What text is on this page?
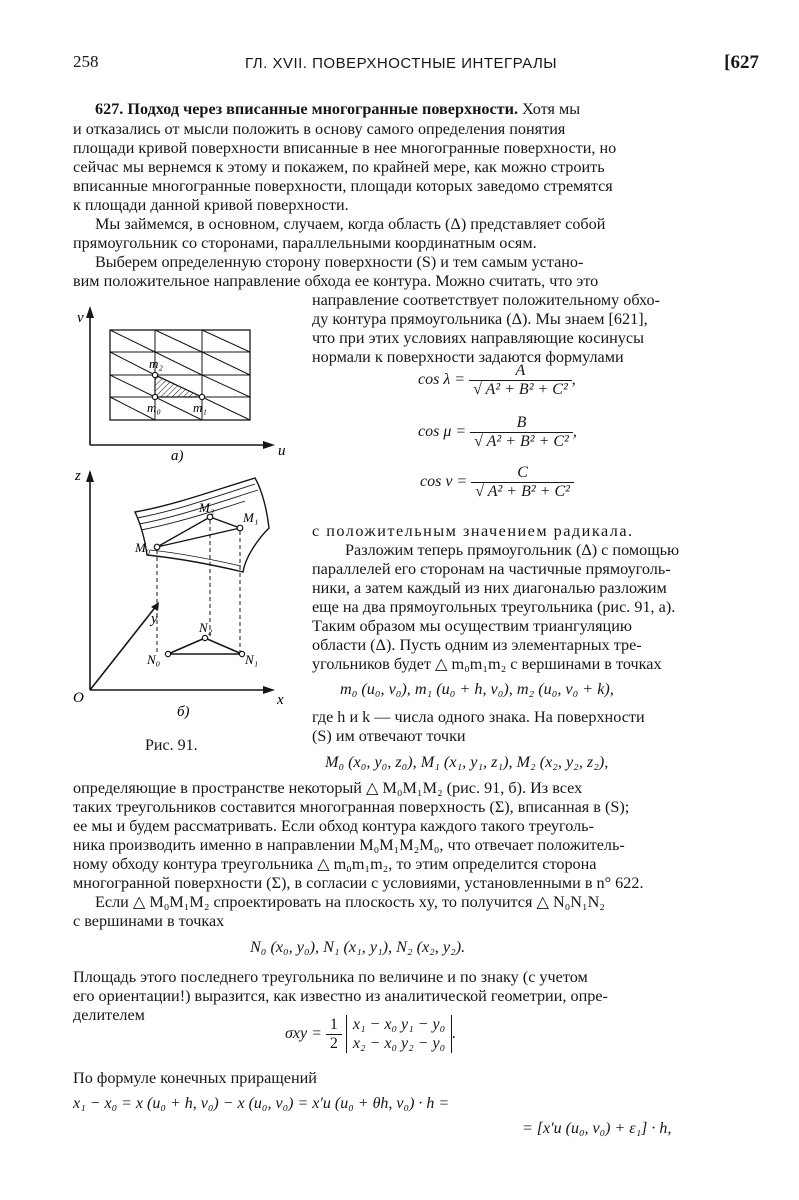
258	ГЛ. XVII. ПОВЕРХНОСТНЫЕ ИНТЕГРАЛЫ	[627
627. Подход через вписанные многогранные поверхности. Хотя мы
и отказались от мысли положить в основу самого определения понятия
площади кривой поверхности вписанные в нее многогранные поверхности, но
сейчас мы вернемся к этому и покажем, по крайней мере, как можно строить
вписанные многогранные поверхности, площади которых заведомо стремятся
к площади данной кривой поверхности.
Мы займемся, в основном, случаем, когда область (Δ) представляет собой
прямоугольник со сторонами, параллельными координатным осям.
Выберем определенную сторону поверхности (S) и тем самым устано-
вим положительное направление обхода ее контура. Можно считать, что это
направление соответствует положительному обхо-
ду контура прямоугольника (Δ). Мы знаем [621],
что при этих условиях направляющие косинусы
нормали к поверхности задаются формулами
$\cos \lambda = \frac{A}{\text{√ A² + B² + C²}}$ ,
$\cos \mu = \frac{B}{\text{√ A² + B² + C²}}$ ,
$\cos \nu = \frac{C}{\text{√ A² + B² + C²}}$
с положительным значением радикала.
Разложим теперь прямоугольник (Δ) с помощью
параллелей его сторонам на частичные прямоуголь-
ники, а затем каждый из них диагональю разложим
еще на два прямоугольных треугольника (рис. 91, а).
Таким образом мы осуществим триангуляцию
области (Δ). Пусть одним из элементарных тре-
угольников будет △ m₀m₁m₂ с вершинами в точках
m₀ (u₀, v₀), m₁ (u₀ + h, v₀), m₂ (u₀, v₀ + k),
где h и k — числа одного знака. На поверхности
(S) им отвечают точки
M₀ (x₀, y₀, z₀), M₁ (x₁, y₁, z₁), M₂ (x₂, y₂, z₂),
определяющие в пространстве некоторый △ M₀M₁M₂ (рис. 91, б). Из всех
таких треугольников составится многогранная поверхность (Σ), вписанная в (S);
ее мы и будем рассматривать. Если обход контура каждого такого треуголь-
ника производить именно в направлении M₀M₁M₂M₀, что отвечает положитель-
ному обходу контура треугольника △ m₀m₁m₂, то этим определится сторона
многогранной поверхности (Σ), в согласии с условиями, установленными в n° 622.
Если △ M₀M₁M₂ спроектировать на плоскость xy, то получится △ N₀N₁N₂
с вершинами в точках
N₀ (x₀, y₀), N₁ (x₁, y₁), N₂ (x₂, y₂).
Площадь этого последнего треугольника по величине и по знаку (с учетом
его ориентации!) выразится, как известно из аналитической геометрии, опре-
делителем
$\sigma xy = \frac{1}{2}$
x₁ − x₀ y₁ − y₀
x₂ − x₀ y₂ − y₀
.
По формуле конечных приращений
x₁ − x₀ = x (u₀ + h, v₀) − x (u₀, v₀) = x′u (u₀ + θh, v₀) · h =
= [x′u (u₀, v₀) + ε₁] · h,
v
u
m₀ m₁
m₂
а)
z
y
x
O
M₀
M₁
M₂
N₀	N₁
N₂
б)
Рис. 91.
